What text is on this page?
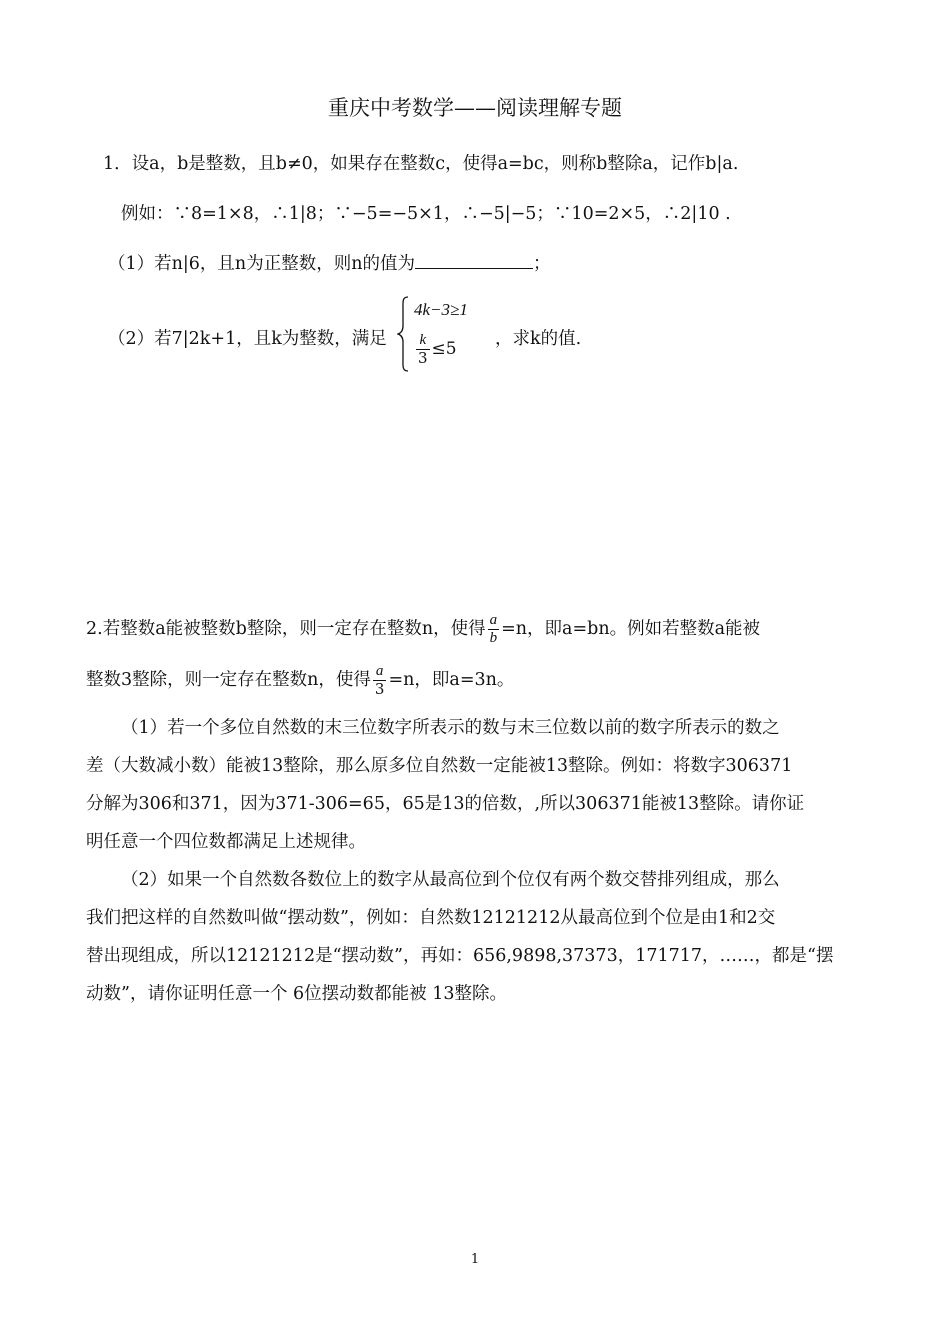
重庆中考数学——阅读理解专题
1．设a，b是整数，且b≠0，如果存在整数c，使得a=bc，则称b整除a，记作b|a.
例如：∵8=1×8，∴1|8；∵−5=−5×1，∴−5|−5；∵10=2×5，∴2|10 .
（1）若n|6，且n为正整数，则n的值为	；
（2）若7|2k+1，且k为整数，满足
4k−3≥1
$\frac{k}{3} \le 5$ ，求k的值.
2.若整数a能被整数b整除，则一定存在整数n，使得 $\frac{a}{b} =n$，即a=bn。例如若整数a能被
整数3整除，则一定存在整数n，使得 $\frac{a}{3} =n$，即a=3n。
（1）若一个多位自然数的末三位数字所表示的数与末三位数以前的数字所表示的数之
差（大数减小数）能被13整除，那么原多位自然数一定能被13整除。例如：将数字306371
分解为306和371，因为371-306=65，65是13的倍数，,所以306371能被13整除。请你证
明任意一个四位数都满足上述规律。
（2）如果一个自然数各数位上的数字从最高位到个位仅有两个数交替排列组成，那么
我们把这样的自然数叫做“摆动数”，例如：自然数12121212从最高位到个位是由1和2交
替出现组成，所以12121212是“摆动数”，再如：656,9898,37373，171717，……，都是“摆
动数”，请你证明任意一个 6位摆动数都能被 13整除。
1
